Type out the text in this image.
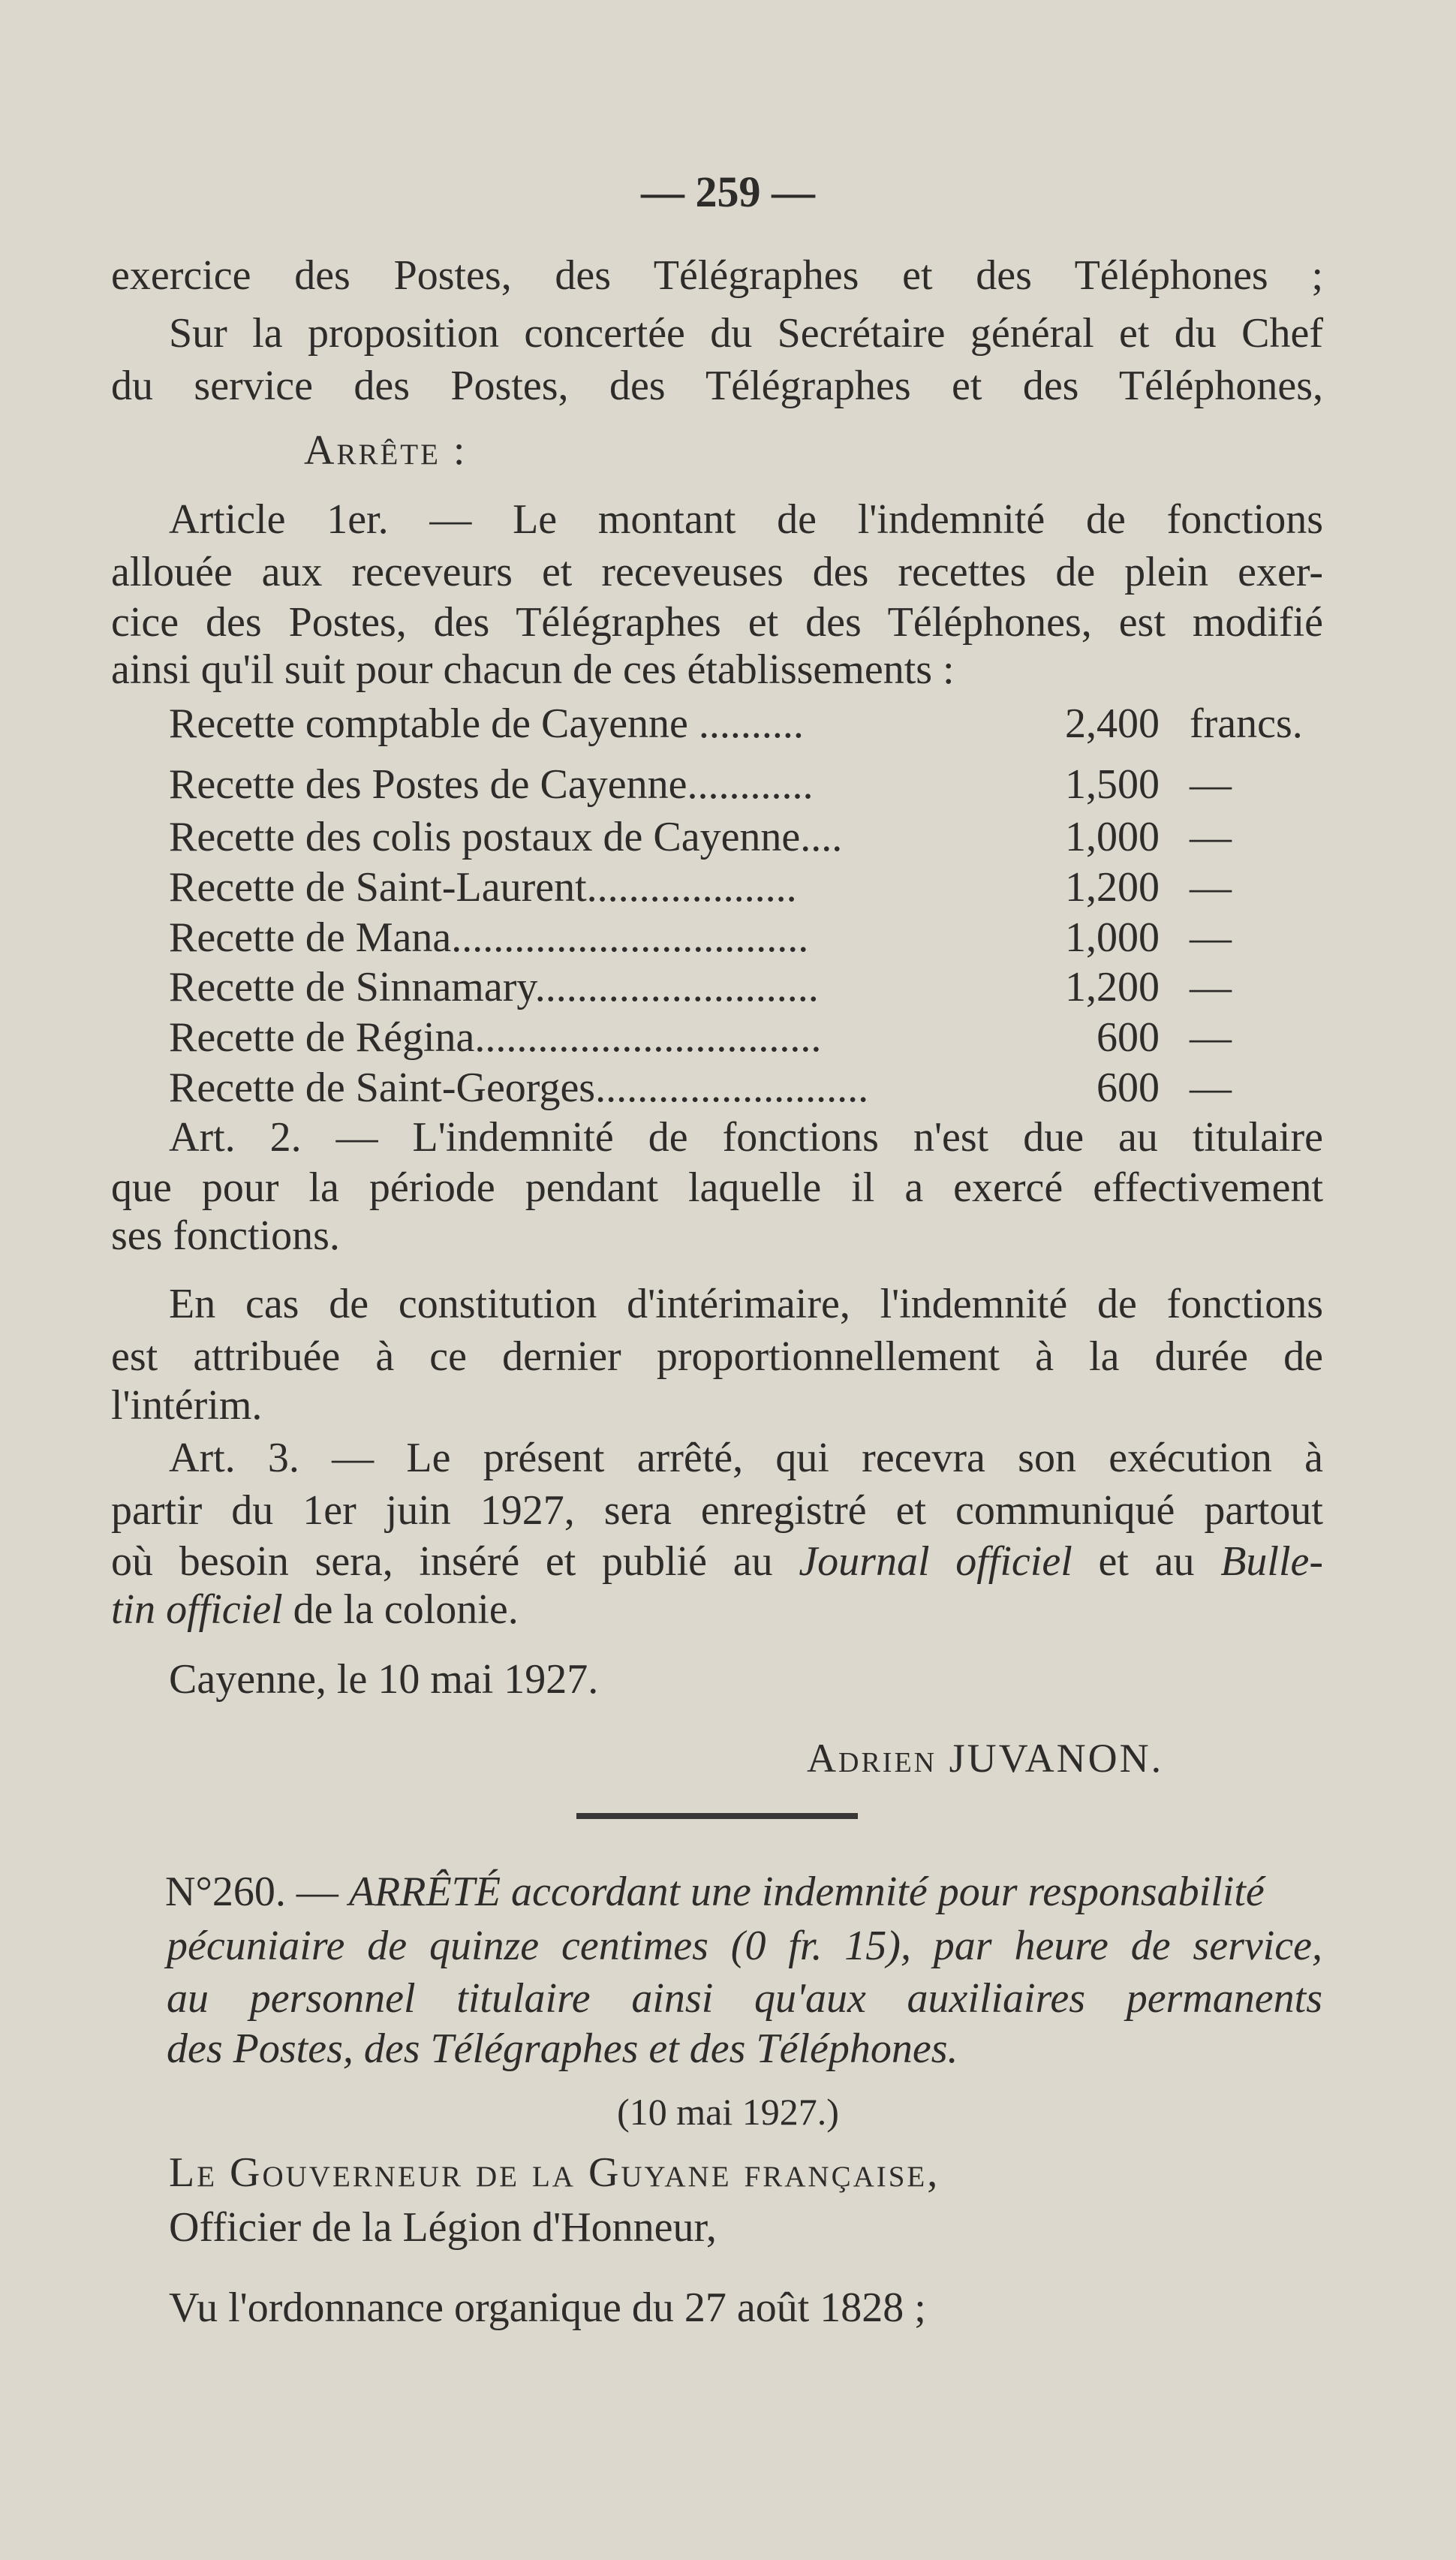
— 259 —
exercice des Postes, des Télégraphes et des Téléphones ;
Sur la proposition concertée du Secrétaire général et du Chef
du service des Postes, des Télégraphes et des Téléphones,
Arrête :
Article 1er. — Le montant de l'indemnité de fonctions
allouée aux receveurs et receveuses des recettes de plein exer-
cice des Postes, des Télégraphes et des Téléphones, est modifié
ainsi qu'il suit pour chacun de ces établissements :
Recette comptable de Cayenne ..........	2,400 francs.
Recette des Postes de Cayenne............	1,500 —
Recette des colis postaux de Cayenne....	1,000 —
Recette de Saint-Laurent....................	1,200 —
Recette de Mana..................................	1,000 —
Recette de Sinnamary...........................	1,200 —
Recette de Régina.................................	600 —
Recette de Saint-Georges..........................	600 —
Art. 2. — L'indemnité de fonctions n'est due au titulaire
que pour la période pendant laquelle il a exercé effectivement
ses fonctions.
En cas de constitution d'intérimaire, l'indemnité de fonctions
est attribuée à ce dernier proportionnellement à la durée de
l'intérim.
Art. 3. — Le présent arrêté, qui recevra son exécution à
partir du 1er juin 1927, sera enregistré et communiqué partout
où besoin sera, inséré et publié au Journal officiel et au Bulle-
tin officiel de la colonie.
Cayenne, le 10 mai 1927.
Adrien JUVANON.
N°260. — ARRÊTÉ accordant une indemnité pour responsabilité
pécuniaire de quinze centimes (0 fr. 15), par heure de service,
au personnel titulaire ainsi qu'aux auxiliaires permanents
des Postes, des Télégraphes et des Téléphones.
(10 mai 1927.)
Le Gouverneur de la Guyane française,
Officier de la Légion d'Honneur,
Vu l'ordonnance organique du 27 août 1828 ;
